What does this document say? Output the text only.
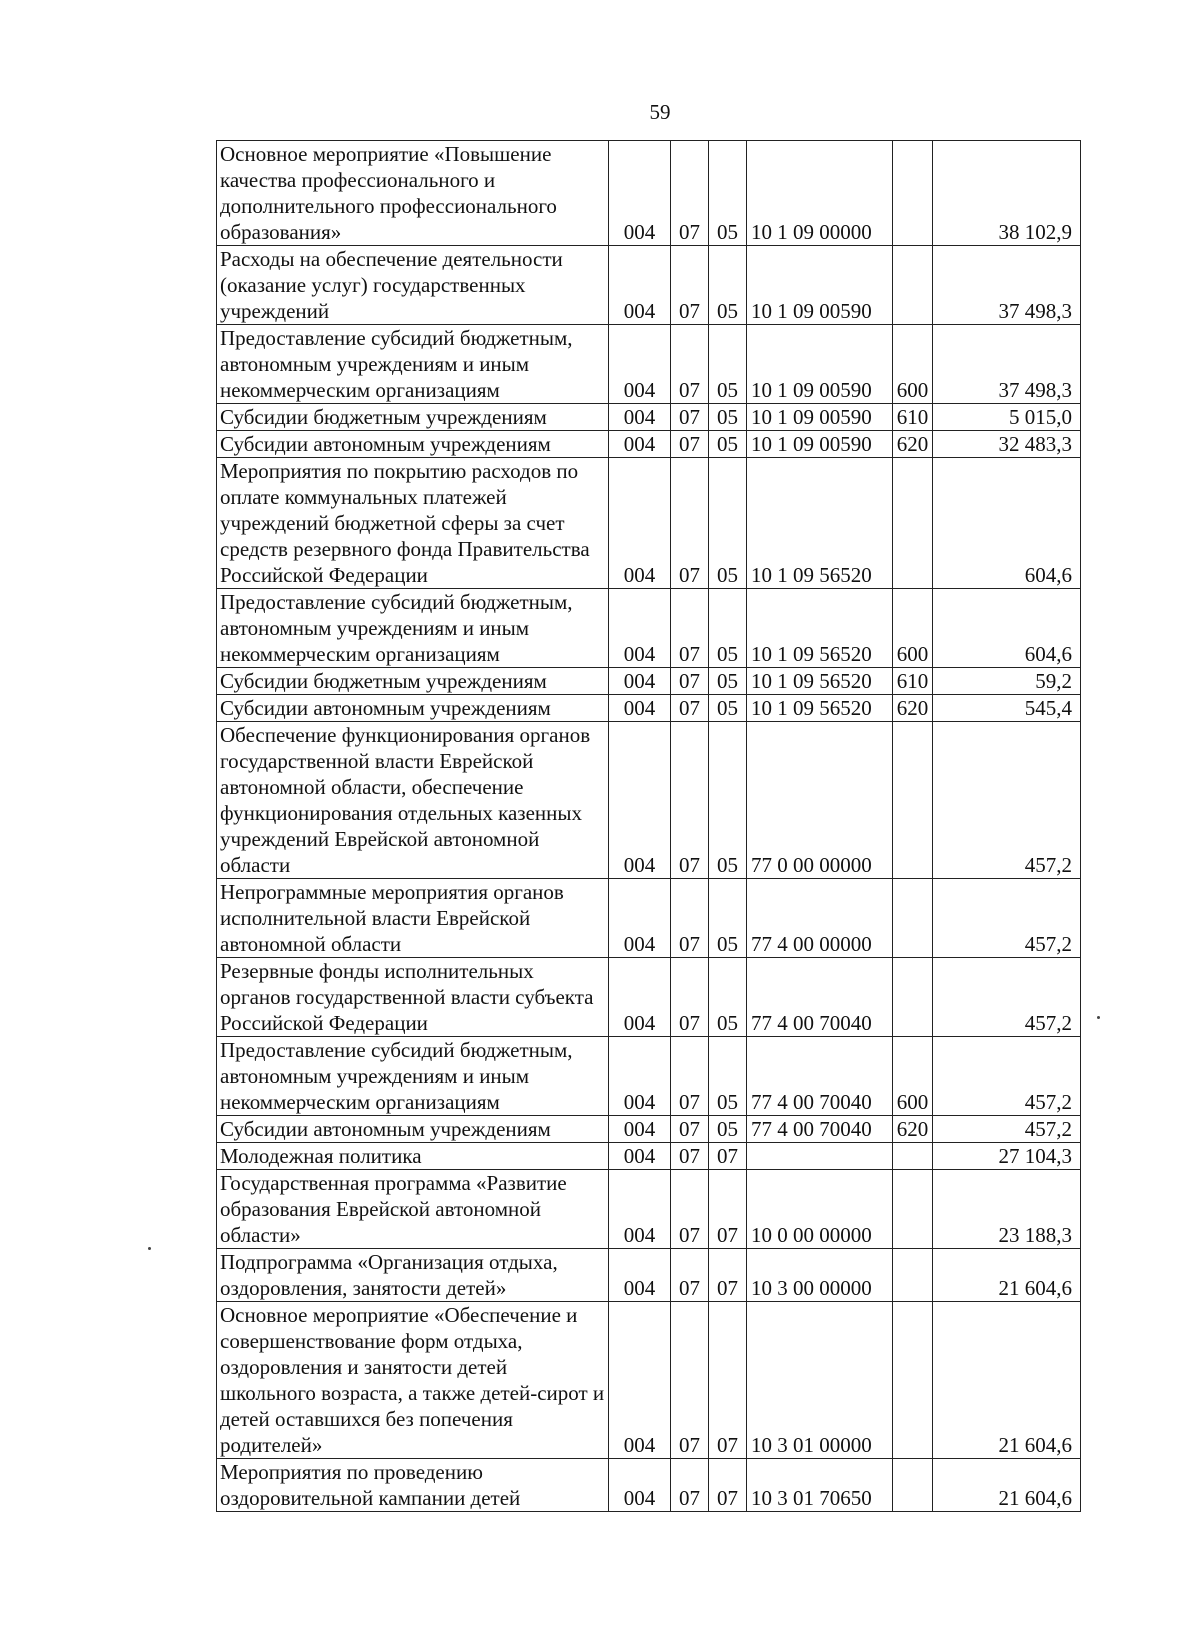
59
Основное мероприятие «Повышение качества профессионального и дополнительного профессионального образования»	004	07	05	10 1 09 00000		38 102,9
Расходы на обеспечение деятельности (оказание услуг) государственных учреждений	004	07	05	10 1 09 00590		37 498,3
Предоставление субсидий бюджетным, автономным учреждениям и иным некоммерческим организациям	004	07	05	10 1 09 00590	600	37 498,3
Субсидии бюджетным учреждениям	004	07	05	10 1 09 00590	610	5 015,0
Субсидии автономным учреждениям	004	07	05	10 1 09 00590	620	32 483,3
Мероприятия по покрытию расходов по оплате коммунальных платежей учреждений бюджетной сферы за счет средств резервного фонда Правительства Российской Федерации	004	07	05	10 1 09 56520		604,6
Предоставление субсидий бюджетным, автономным учреждениям и иным некоммерческим организациям	004	07	05	10 1 09 56520	600	604,6
Субсидии бюджетным учреждениям	004	07	05	10 1 09 56520	610	59,2
Субсидии автономным учреждениям	004	07	05	10 1 09 56520	620	545,4
Обеспечение функционирования органов государственной власти Еврейской автономной области, обеспечение функционирования отдельных казенных учреждений Еврейской автономной области	004	07	05	77 0 00 00000		457,2
Непрограммные мероприятия органов исполнительной власти Еврейской автономной области	004	07	05	77 4 00 00000		457,2
Резервные фонды исполнительных органов государственной власти субъекта Российской Федерации	004	07	05	77 4 00 70040		457,2
Предоставление субсидий бюджетным, автономным учреждениям и иным некоммерческим организациям	004	07	05	77 4 00 70040	600	457,2
Субсидии автономным учреждениям	004	07	05	77 4 00 70040	620	457,2
Молодежная политика	004	07	07			27 104,3
Государственная программа «Развитие образования Еврейской автономной области»	004	07	07	10 0 00 00000		23 188,3
Подпрограмма «Организация отдыха, оздоровления, занятости детей»	004	07	07	10 3 00 00000		21 604,6
Основное мероприятие «Обеспечение и совершенствование форм отдыха, оздоровления и занятости детей школьного возраста, а также детей-сирот и детей оставшихся без попечения родителей»	004	07	07	10 3 01 00000		21 604,6
Мероприятия по проведению оздоровительной кампании детей	004	07	07	10 3 01 70650		21 604,6
